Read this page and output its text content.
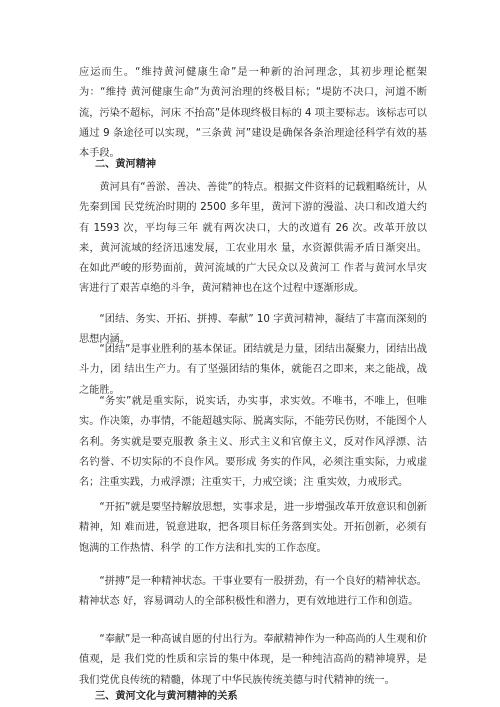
应运而生。“维持黄河健康生命”是一种新的治河理念，其初步理论框架为：“维持 黄河健康生命”为黄河治理的终极目标；“堤防不决口，河道不断流，污染不超标，河床 不抬高”是体现终极目标的 4 项主要标志。该标志可以通过 9 条途径可以实现，“三条黄 河”建设是确保各条治理途径科学有效的基本手段。

二、黄河精神

黄河具有“善淤、善决、善徙”的特点。根据文件资料的记载粗略统计，从先秦到国 民党统治时期的 2500 多年里，黄河下游的漫溢、决口和改道大约有 1593 次，平均每三年 就有两次决口，大的改道有 26 次。改革开放以来，黄河流域的经济迅速发展，工农业用水 量，水资源供需矛盾日渐突出。在如此严峻的形势面前，黄河流域的广大民众以及黄河工 作者与黄河水旱灾害进行了艰苦卓绝的斗争，黄河精神也在这个过程中逐渐形成。

“团结、务实、开拓、拼搏、奉献” 10 字黄河精神，凝结了丰富而深刻的思想内涵。

“团结”是事业胜利的基本保证。团结就是力量，团结出凝聚力，团结出战斗力，团 结出生产力。有了坚强团结的集体，就能召之即来，来之能战，战之能胜。

“务实”就是重实际，说实话，办实事，求实效。不唯书，不唯上，但唯实。作决策，办事情，不能超越实际、脱离实际，不能劳民伤财，不能图个人名利。务实就是要克服教 条主义、形式主义和官僚主义，反对作风浮漂、沽名钓誉、不切实际的不良作风。要形成 务实的作风，必须注重实际，力戒虚名；注重实践，力戒浮漂；注重实干，力戒空谈；注 重实效，力戒形式。

“开拓”就是要坚持解放思想，实事求是，进一步增强改革开放意识和创新精神，知 难而进，锐意进取，把各项目标任务落到实处。开拓创新，必须有饱满的工作热情、科学 的工作方法和扎实的工作态度。

“拼搏”是一种精神状态。干事业要有一股拼劲，有一个良好的精神状态。精神状态 好，容易调动人的全部积极性和潜力，更有效地进行工作和创造。

“奉献”是一种高诚自愿的付出行为。奉献精神作为一种高尚的人生观和价值观，是 我们党的性质和宗旨的集中体现，是一种纯洁高尚的精神境界，是我们党优良传统的精髓，体现了中华民族传统美德与时代精神的统一。

三、黄河文化与黄河精神的关系
